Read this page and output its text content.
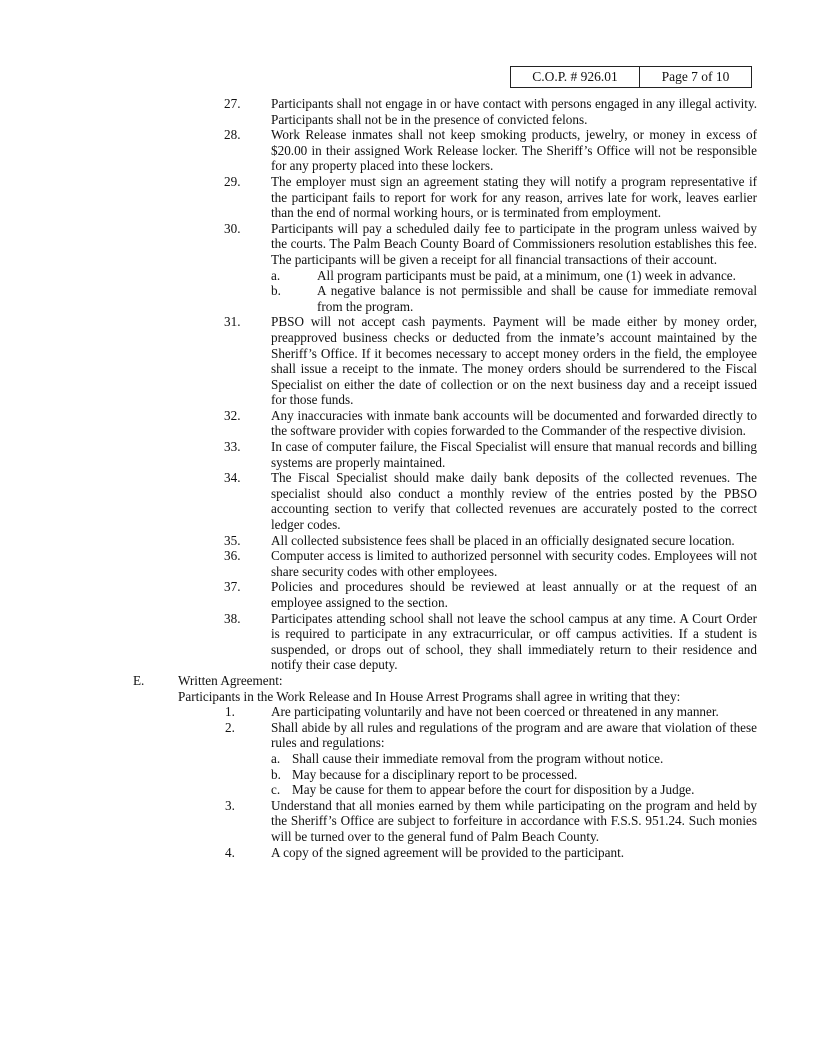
C.O.P. # 926.01	Page 7 of 10
27.	Participants shall not engage in or have contact with persons engaged in any illegal activity. Participants shall not be in the presence of convicted felons.
28.	Work Release inmates shall not keep smoking products, jewelry, or money in excess of $20.00 in their assigned Work Release locker. The Sheriff’s Office will not be responsible for any property placed into these lockers.
29.	The employer must sign an agreement stating they will notify a program representative if the participant fails to report for work for any reason, arrives late for work, leaves earlier than the end of normal working hours, or is terminated from employment.
30.	Participants will pay a scheduled daily fee to participate in the program unless waived by the courts. The Palm Beach County Board of Commissioners resolution establishes this fee. The participants will be given a receipt for all financial transactions of their account.
a.	All program participants must be paid, at a minimum, one (1) week in advance.
b.	A negative balance is not permissible and shall be cause for immediate removal from the program.
31.	PBSO will not accept cash payments. Payment will be made either by money order, preapproved business checks or deducted from the inmate’s account maintained by the Sheriff’s Office. If it becomes necessary to accept money orders in the field, the employee shall issue a receipt to the inmate. The money orders should be surrendered to the Fiscal Specialist on either the date of collection or on the next business day and a receipt issued for those funds.
32.	Any inaccuracies with inmate bank accounts will be documented and forwarded directly to the software provider with copies forwarded to the Commander of the respective division.
33.	In case of computer failure, the Fiscal Specialist will ensure that manual records and billing systems are properly maintained.
34.	The Fiscal Specialist should make daily bank deposits of the collected revenues. The specialist should also conduct a monthly review of the entries posted by the PBSO accounting section to verify that collected revenues are accurately posted to the correct ledger codes.
35.	All collected subsistence fees shall be placed in an officially designated secure location.
36.	Computer access is limited to authorized personnel with security codes. Employees will not share security codes with other employees.
37.	Policies and procedures should be reviewed at least annually or at the request of an employee assigned to the section.
38.	Participates attending school shall not leave the school campus at any time. A Court Order is required to participate in any extracurricular, or off campus activities. If a student is suspended, or drops out of school, they shall immediately return to their residence and notify their case deputy.
E.	Written Agreement:
Participants in the Work Release and In House Arrest Programs shall agree in writing that they:
1.	Are participating voluntarily and have not been coerced or threatened in any manner.
2.	Shall abide by all rules and regulations of the program and are aware that violation of these rules and regulations:
a. Shall cause their immediate removal from the program without notice.
b. May because for a disciplinary report to be processed.
c. May be cause for them to appear before the court for disposition by a Judge.
3.	Understand that all monies earned by them while participating on the program and held by the Sheriff’s Office are subject to forfeiture in accordance with F.S.S. 951.24. Such monies will be turned over to the general fund of Palm Beach County.
4.	A copy of the signed agreement will be provided to the participant.
